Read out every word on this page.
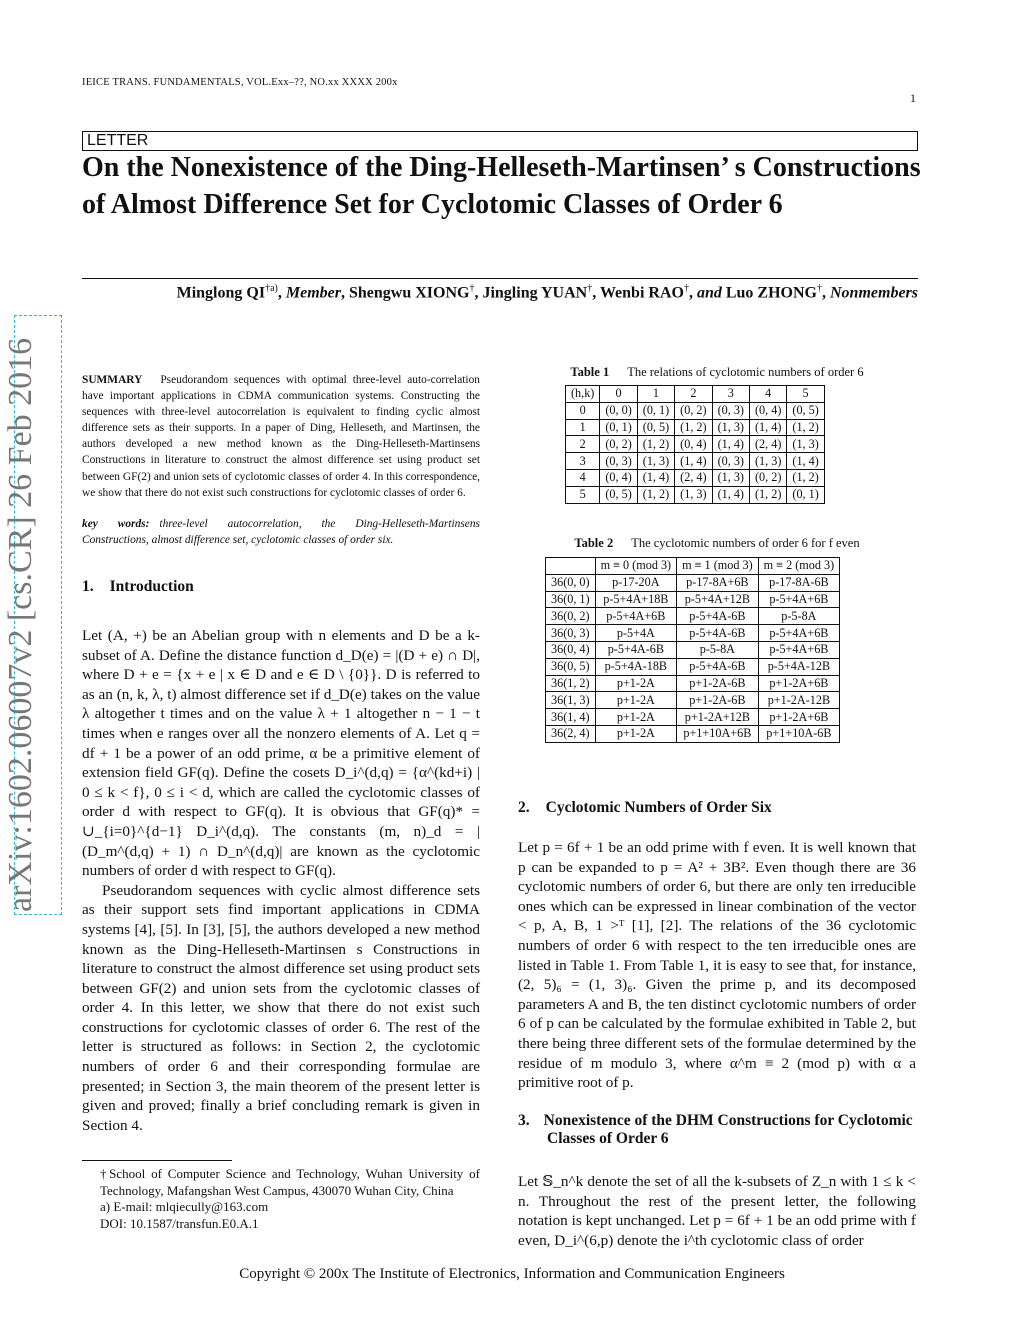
IEICE TRANS. FUNDAMENTALS, VOL.Exx–??, NO.xx XXXX 200x
1
LETTER
On the Nonexistence of the Ding-Helleseth-Martinsen’ s Constructions of Almost Difference Set for Cyclotomic Classes of Order 6
Minglong QI$^{\dagger a)}$, Member, Shengwu XIONG†, Jingling YUAN†, Wenbi RAO†, and Luo ZHONG†, Nonmembers
arXiv:1602.06007v2 [cs.CR] 26 Feb 2016	SUMMARY Pseudorandom sequences with optimal three-level auto-correlation have important applications in CDMA communication systems. Constructing the sequences with three-level autocorrelation is equivalent to finding cyclic almost difference sets as their supports. In a paper of Ding, Helleseth, and Martinsen, the authors developed a new method known as the Ding-Helleseth-Martinsens Constructions in literature to construct the almost difference set using product set between GF(2) and union sets of cyclotomic classes of order 4. In this correspondence, we show that there do not exist such constructions for cyclotomic classes of order 6.
key words: three-level autocorrelation, the Ding-Helleseth-Martinsens Constructions, almost difference set, cyclotomic classes of order six.
1. Introduction

Let (A, +) be an Abelian group with n elements and D be a k-subset of A. Define the distance function d_D(e) = |(D + e) ∩ D|, where D + e = {x + e | x ∈ D and e ∈ D \ {0}}. D is referred to as an (n, k, λ, t) almost difference set if d_D(e) takes on the value λ altogether t times and on the value λ + 1 altogether n − 1 − t times when e ranges over all the nonzero elements of A. Let q = df + 1 be a power of an odd prime, α be a primitive element of extension field GF(q). Define the cosets D_i^(d,q) = {α^(kd+i) | 0 ≤ k < f}, 0 ≤ i < d, which are called the cyclotomic classes of order d with respect to GF(q). It is obvious that GF(q)* = ∪_{i=0}^{d−1} D_i^(d,q). The constants (m, n)_d = |(D_m^(d,q) + 1) ∩ D_n^(d,q)| are known as the cyclotomic numbers of order d with respect to GF(q).

Pseudorandom sequences with cyclic almost difference sets as their support sets find important applications in CDMA systems [4], [5]. In [3], [5], the authors developed a new method known as the Ding-Helleseth-Martinsen s Constructions in literature to construct the almost difference set using product sets between GF(2) and union sets from the cyclotomic classes of order 4. In this letter, we show that there do not exist such constructions for cyclotomic classes of order 6. The rest of the letter is structured as follows: in Section 2, the cyclotomic numbers of order 6 and their corresponding formulae are presented; in Section 3, the main theorem of the present letter is given and proved; finally a brief concluding remark is given in Section 4.

†School of Computer Science and Technology, Wuhan University of Technology, Mafangshan West Campus, 430070 Wuhan City, China
a) E-mail: mlqiecully@163.com
DOI: 10.1587/transfun.E0.A.1
Table 1 The relations of cyclotomic numbers of order 6
(h,k)	0	1	2	3	4	5
0	(0, 0)	(0, 1)	(0, 2)	(0, 3)	(0, 4)	(0, 5)
1	(0, 1)	(0, 5)	(1, 2)	(1, 3)	(1, 4)	(1, 2)
2	(0, 2)	(1, 2)	(0, 4)	(1, 4)	(2, 4)	(1, 3)
3	(0, 3)	(1, 3)	(1, 4)	(0, 3)	(1, 3)	(1, 4)
4	(0, 4)	(1, 4)	(2, 4)	(1, 3)	(0, 2)	(1, 2)
5	(0, 5)	(1, 2)	(1, 3)	(1, 4)	(1, 2)	(0, 1)
Table 2 The cyclotomic numbers of order 6 for f even
	m ≡ 0 (mod 3)	m ≡ 1 (mod 3)	m ≡ 2 (mod 3)
36(0, 0)	p-17-20A	p-17-8A+6B	p-17-8A-6B
36(0, 1)	p-5+4A+18B	p-5+4A+12B	p-5+4A+6B
36(0, 2)	p-5+4A+6B	p-5+4A-6B	p-5-8A
36(0, 3)	p-5+4A	p-5+4A-6B	p-5+4A+6B
36(0, 4)	p-5+4A-6B	p-5-8A	p-5+4A+6B
36(0, 5)	p-5+4A-18B	p-5+4A-6B	p-5+4A-12B
36(1, 2)	p+1-2A	p+1-2A-6B	p+1-2A+6B
36(1, 3)	p+1-2A	p+1-2A-6B	p+1-2A-12B
36(1, 4)	p+1-2A	p+1-2A+12B	p+1-2A+6B
36(2, 4)	p+1-2A	p+1+10A+6B	p+1+10A-6B
2. Cyclotomic Numbers of Order Six

Let p = 6f + 1 be an odd prime with f even. It is well known that p can be expanded to p = A² + 3B². Even though there are 36 cyclotomic numbers of order 6, but there are only ten irreducible ones which can be expressed in linear combination of the vector < p, A, B, 1 >ᵀ [1], [2]. The relations of the 36 cyclotomic numbers of order 6 with respect to the ten irreducible ones are listed in Table 1. From Table 1, it is easy to see that, for instance, (2, 5)₆ = (1, 3)₆. Given the prime p, and its decomposed parameters A and B, the ten distinct cyclotomic numbers of order 6 of p can be calculated by the formulae exhibited in Table 2, but there being three different sets of the formulae determined by the residue of m modulo 3, where α^m ≡ 2 (mod p) with α a primitive root of p.

3. Nonexistence of the DHM Constructions for Cyclotomic Classes of Order 6

Let 𝕊_n^k denote the set of all the k-subsets of Z_n with 1 ≤ k < n. Throughout the rest of the present letter, the following notation is kept unchanged. Let p = 6f + 1 be an odd prime with f even, D_i^(6,p) denote the i^th cyclotomic class of order

Copyright © 200x The Institute of Electronics, Information and Communication Engineers
